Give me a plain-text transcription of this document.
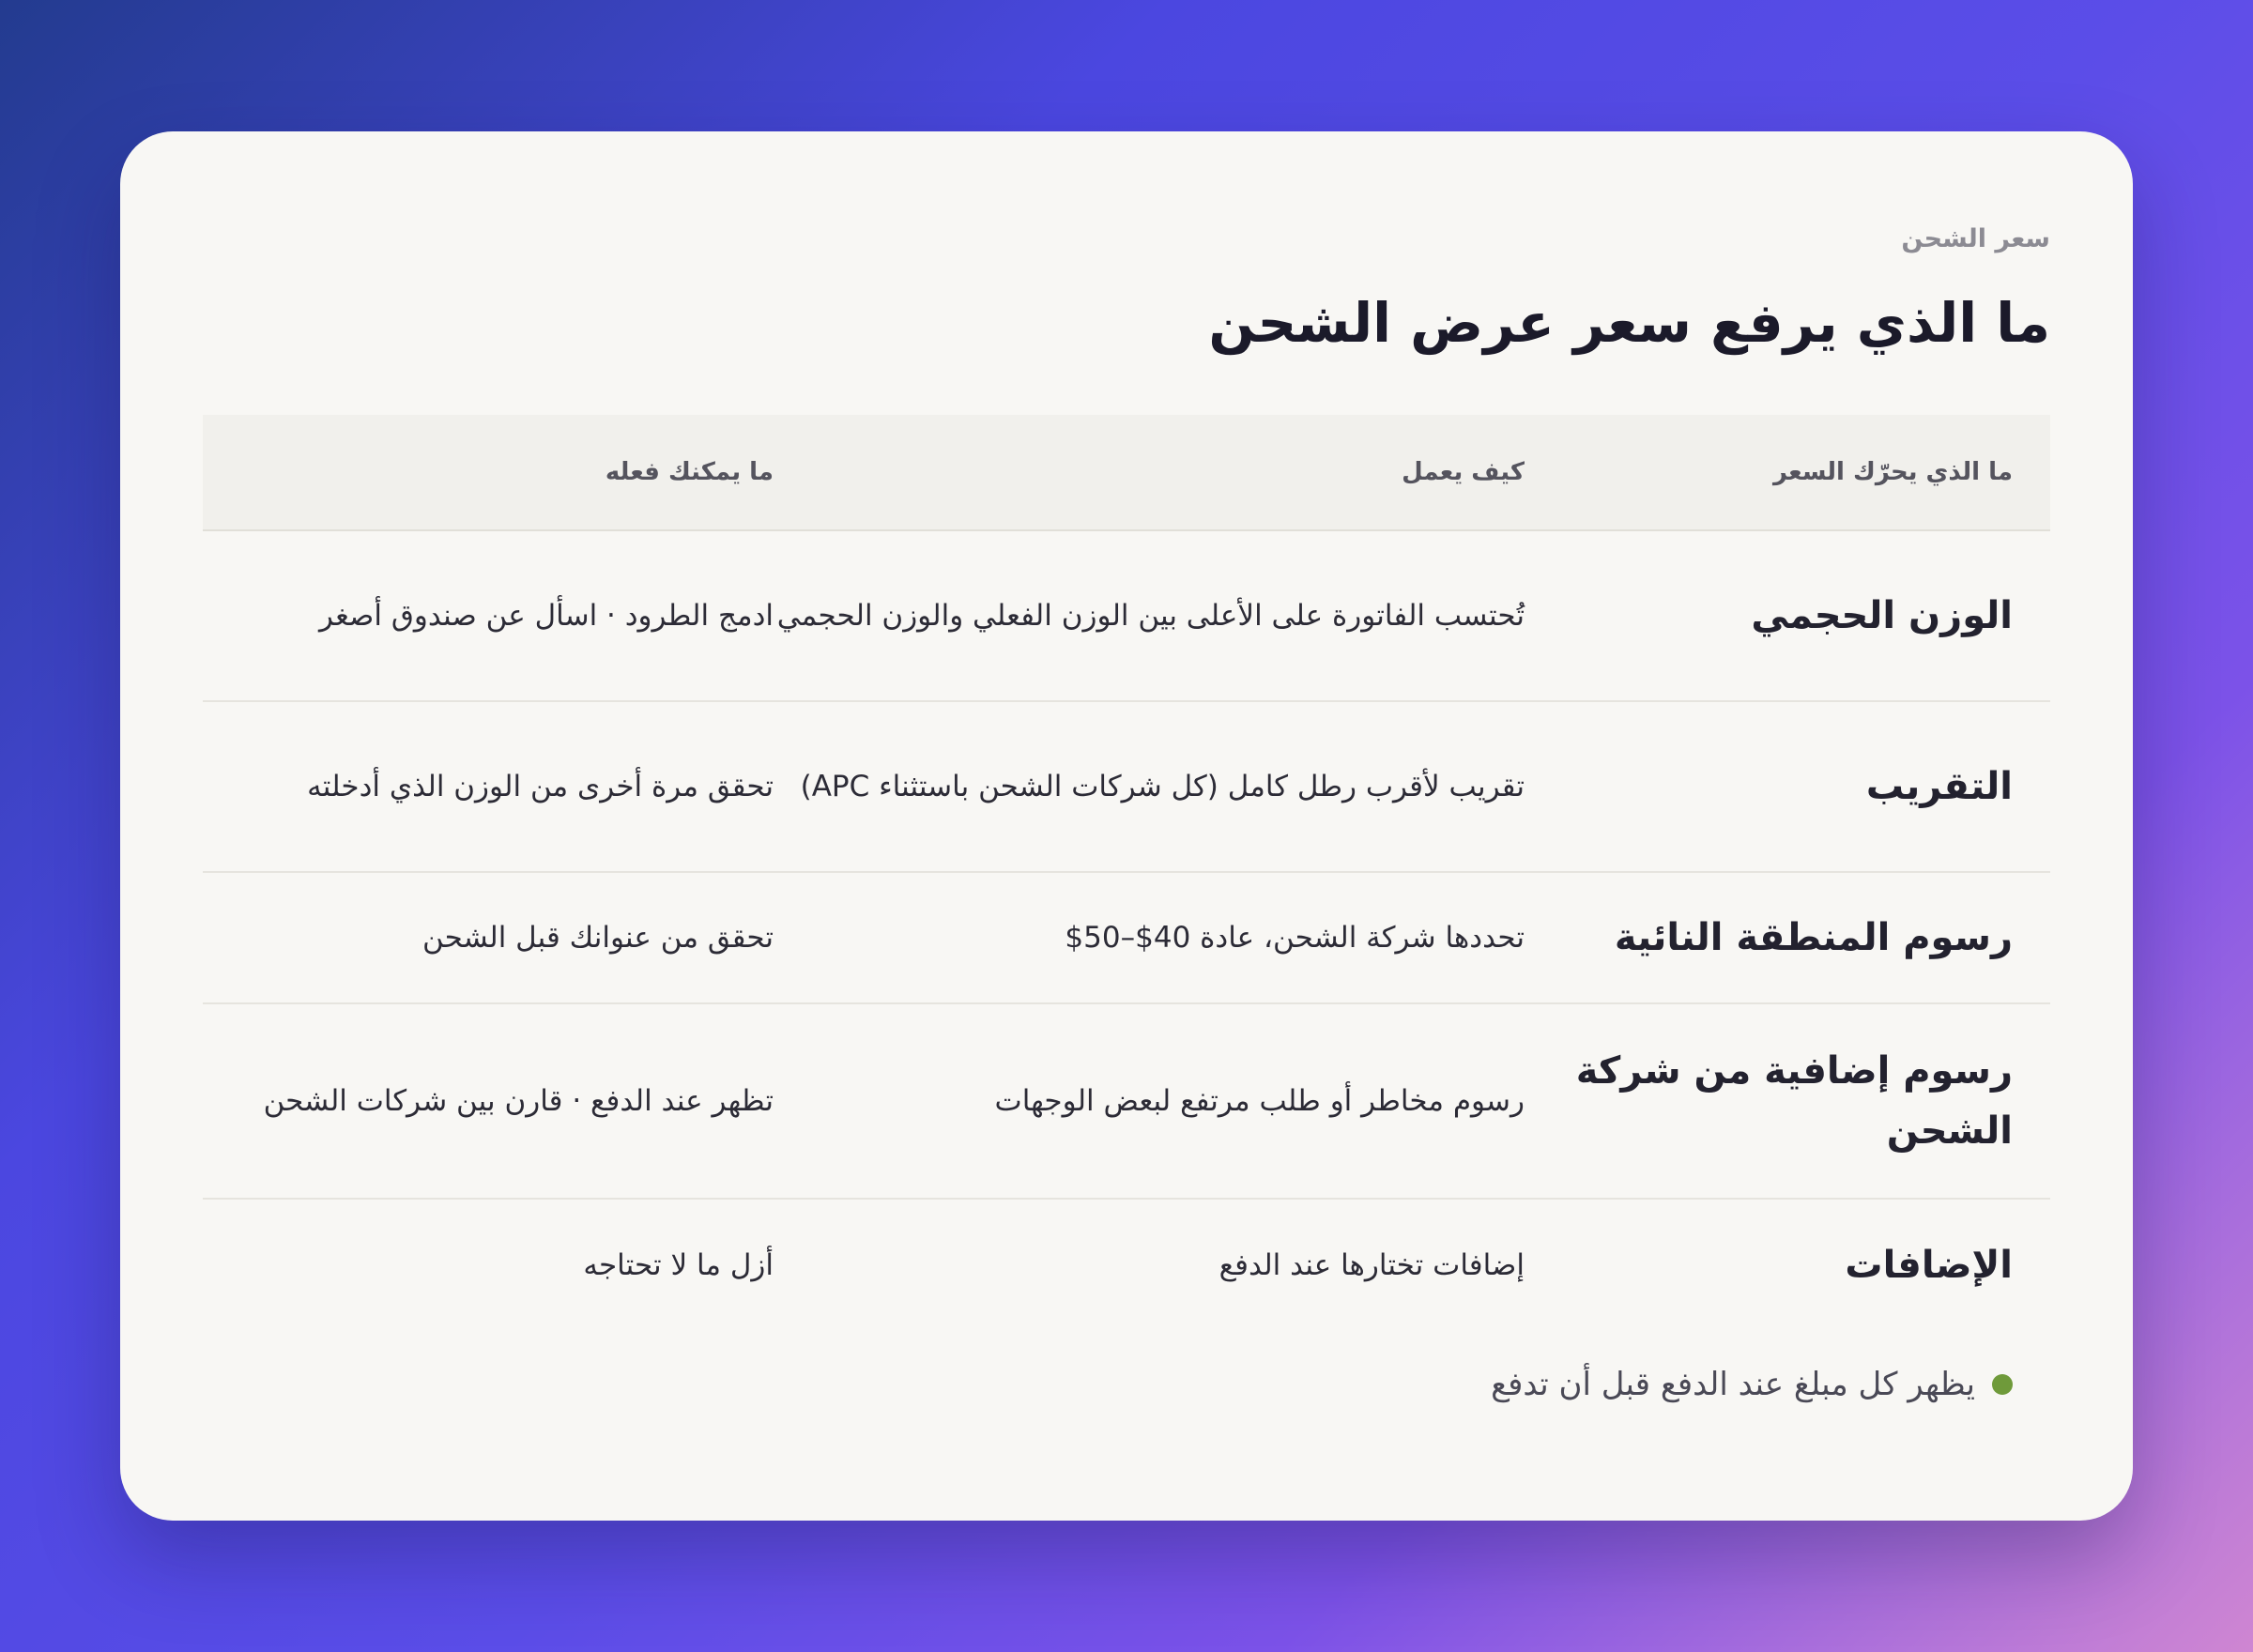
سعر الشحن
ما الذي يرفع سعر عرض الشحن
ما الذي يحرّك السعر
كيف يعمل
ما يمكنك فعله
الوزن الحجمي
تُحتسب الفاتورة على الأعلى بين الوزن الفعلي والوزن الحجمي
ادمج الطرود · اسأل عن صندوق أصغر
التقريب
تقريب لأقرب رطل كامل (كل شركات الشحن باستثناء APC)
تحقق مرة أخرى من الوزن الذي أدخلته
رسوم المنطقة النائية
تحددها شركة الشحن، عادة 40$–50$
تحقق من عنوانك قبل الشحن
رسوم إضافية من شركة الشحن
رسوم مخاطر أو طلب مرتفع لبعض الوجهات
تظهر عند الدفع · قارن بين شركات الشحن
الإضافات
إضافات تختارها عند الدفع
أزل ما لا تحتاجه
يظهر كل مبلغ عند الدفع قبل أن تدفع
